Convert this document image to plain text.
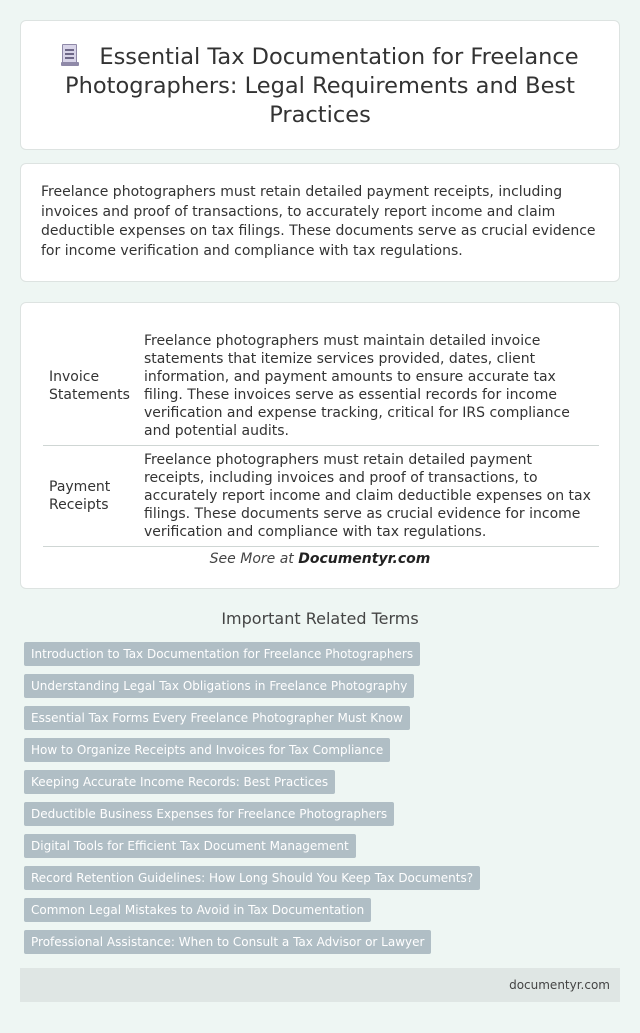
Essential Tax Documentation for Freelance Photographers: Legal Requirements and Best Practices

Freelance photographers must retain detailed payment receipts, including invoices and proof of transactions, to accurately report income and claim deductible expenses on tax filings. These documents serve as crucial evidence for income verification and compliance with tax regulations.

Invoice Statements	Freelance photographers must maintain detailed invoice statements that itemize services provided, dates, client information, and payment amounts to ensure accurate tax filing. These invoices serve as essential records for income verification and expense tracking, critical for IRS compliance and potential audits.
Payment Receipts	Freelance photographers must retain detailed payment receipts, including invoices and proof of transactions, to accurately report income and claim deductible expenses on tax filings. These documents serve as crucial evidence for income verification and compliance with tax regulations.
See More at Documentyr.com
Important Related Terms
Introduction to Tax Documentation for Freelance Photographers
Understanding Legal Tax Obligations in Freelance Photography
Essential Tax Forms Every Freelance Photographer Must Know
How to Organize Receipts and Invoices for Tax Compliance
Keeping Accurate Income Records: Best Practices
Deductible Business Expenses for Freelance Photographers
Digital Tools for Efficient Tax Document Management
Record Retention Guidelines: How Long Should You Keep Tax Documents?
Common Legal Mistakes to Avoid in Tax Documentation
Professional Assistance: When to Consult a Tax Advisor or Lawyer
documentyr.com
